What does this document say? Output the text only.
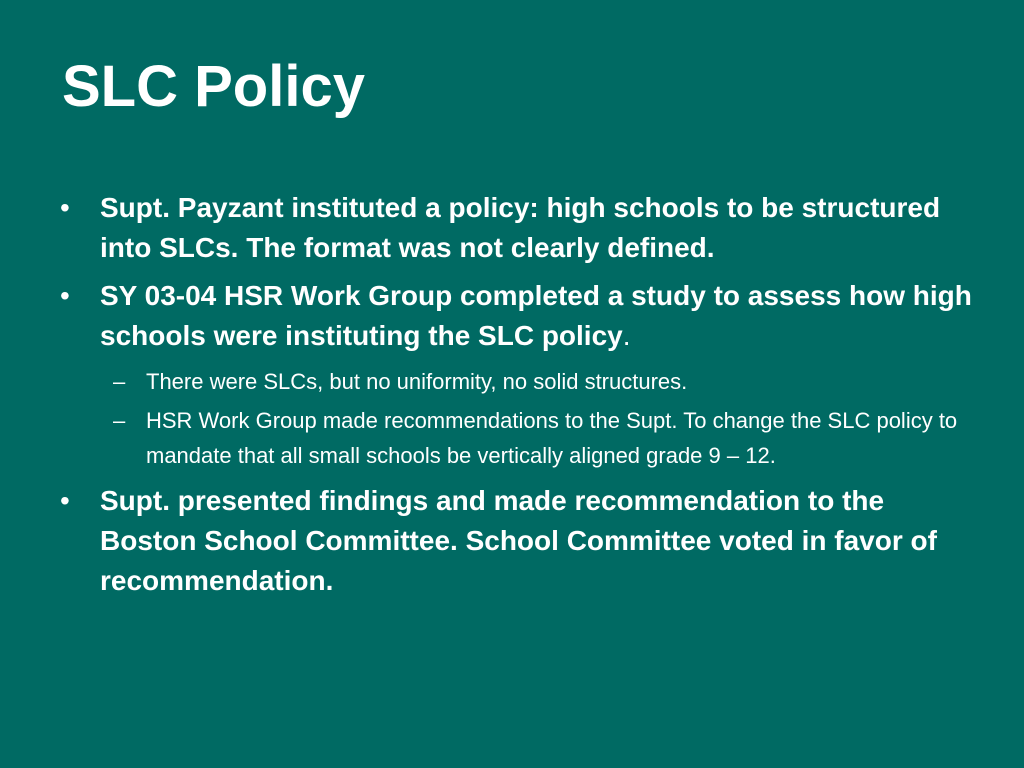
SLC Policy
• Supt. Payzant instituted a policy: high schools to be structured into SLCs. The format was not clearly defined.
• SY 03-04 HSR Work Group completed a study to assess how high schools were instituting the SLC policy.
– There were SLCs, but no uniformity, no solid structures.
– HSR Work Group made recommendations to the Supt. To change the SLC policy to mandate that all small schools be vertically aligned grade 9 – 12.
• Supt. presented findings and made recommendation to the Boston School Committee. School Committee voted in favor of recommendation.
